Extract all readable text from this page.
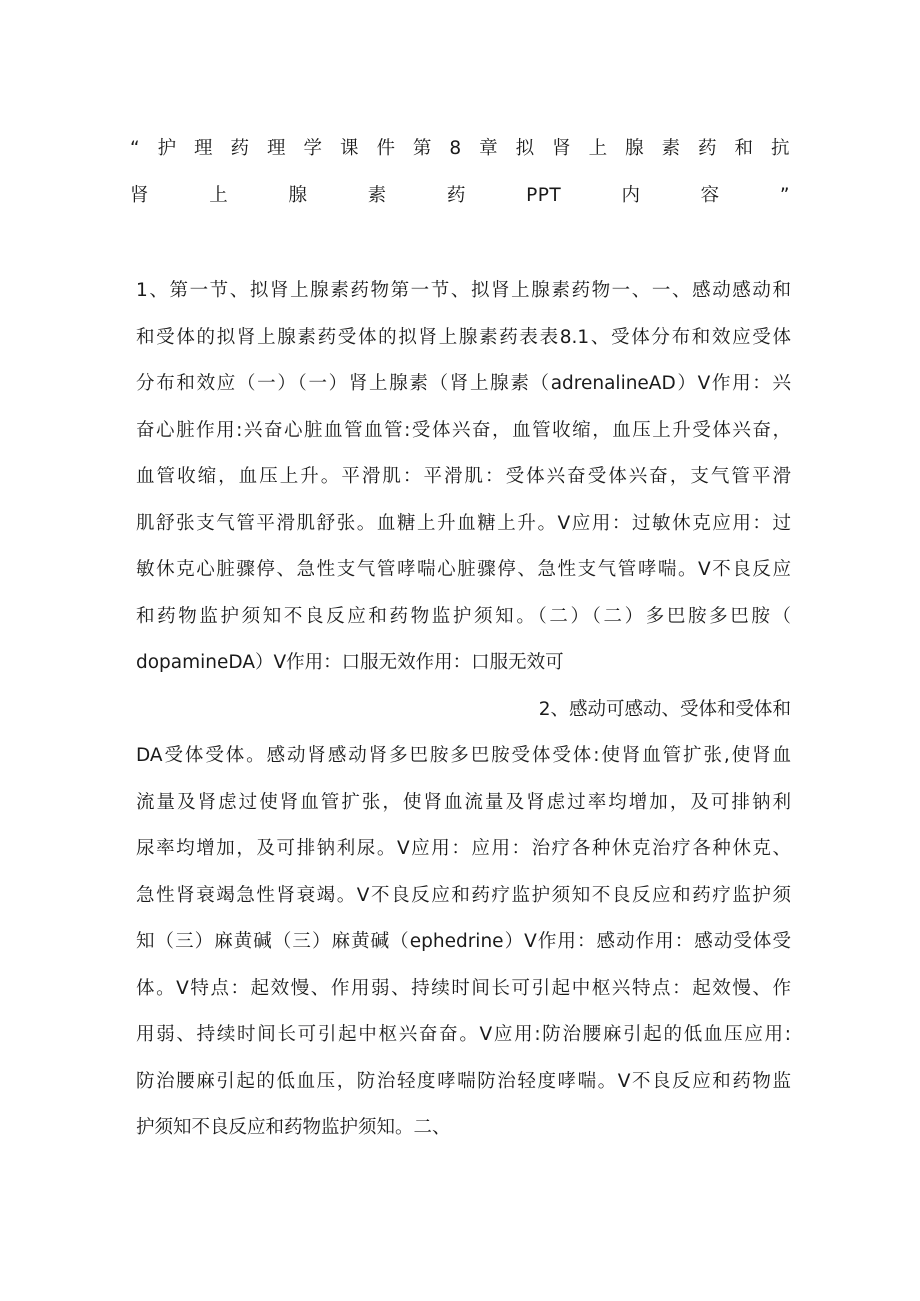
“护理药理学课件第8章拟肾上腺素药和抗
肾上腺素药PPT内容”
1、第一节、拟肾上腺素药物第一节、拟肾上腺素药物一、一、感动感动和
和受体的拟肾上腺素药受体的拟肾上腺素药表表8.1、受体分布和效应受体
分布和效应（一）（一）肾上腺素（肾上腺素（adrenalineAD）V作用：兴
奋心脏作用:兴奋心脏血管血管:受体兴奋，血管收缩，血压上升受体兴奋，
血管收缩，血压上升。平滑肌：平滑肌：受体兴奋受体兴奋，支气管平滑
肌舒张支气管平滑肌舒张。血糖上升血糖上升。V应用：过敏休克应用：过
敏休克心脏骤停、急性支气管哮喘心脏骤停、急性支气管哮喘。V不良反应
和药物监护须知不良反应和药物监护须知。（二）（二）多巴胺多巴胺（
dopamineDA）V作用：口服无效作用：口服无效可
2、感动可感动、受体和受体和
DA受体受体。感动肾感动肾多巴胺多巴胺受体受体:使肾血管扩张,使肾血
流量及肾虑过使肾血管扩张，使肾血流量及肾虑过率均增加，及可排钠利
尿率均增加，及可排钠利尿。V应用：应用：治疗各种休克治疗各种休克、
急性肾衰竭急性肾衰竭。V不良反应和药疗监护须知不良反应和药疗监护须
知（三）麻黄碱（三）麻黄碱（ephedrine）V作用：感动作用：感动受体受
体。V特点：起效慢、作用弱、持续时间长可引起中枢兴特点：起效慢、作
用弱、持续时间长可引起中枢兴奋奋。V应用:防治腰麻引起的低血压应用:
防治腰麻引起的低血压，防治轻度哮喘防治轻度哮喘。V不良反应和药物监
护须知不良反应和药物监护须知。二、
